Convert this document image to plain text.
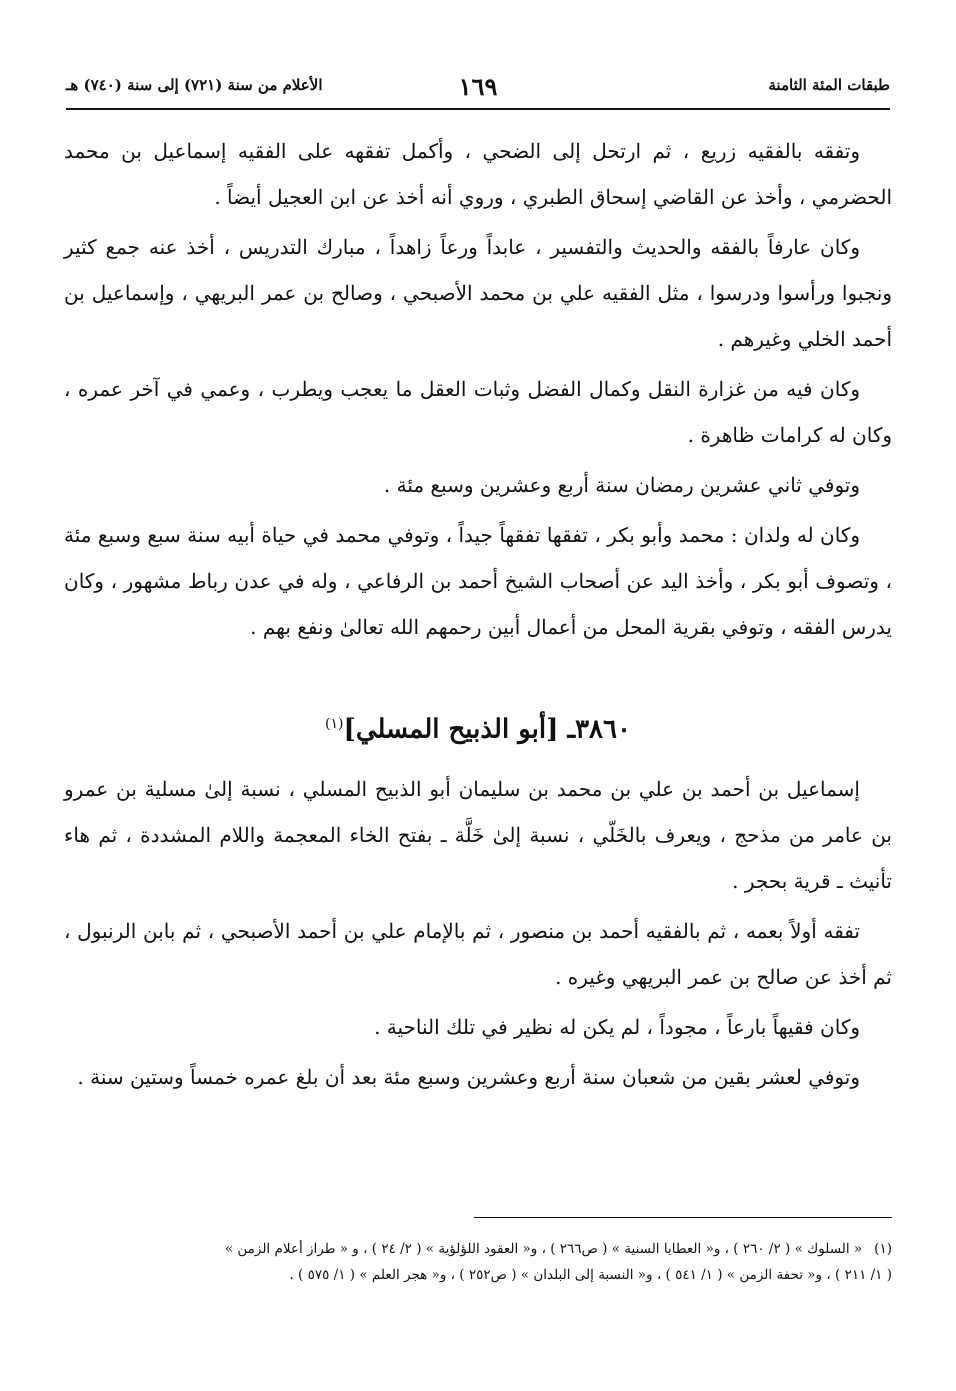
طبقات المئة الثامنة
١٦٩
الأعلام من سنة (٧٢١) إلى سنة (٧٤٠) هـ

وتفقه بالفقيه زريع ، ثم ارتحل إلى الضحي ، وأكمل تفقهه على الفقيه إسماعيل بن محمد الحضرمي ، وأخذ عن القاضي إسحاق الطبري ، وروي أنه أخذ عن ابن العجيل أيضاً .

وكان عارفاً بالفقه والحديث والتفسير ، عابداً ورعاً زاهداً ، مبارك التدريس ، أخذ عنه جمع كثير ونجبوا ورأسوا ودرسوا ، مثل الفقيه علي بن محمد الأصبحي ، وصالح بن عمر البريهي ، وإسماعيل بن أحمد الخلي وغيرهم .

وكان فيه من غزارة النقل وكمال الفضل وثبات العقل ما يعجب ويطرب ، وعمي في آخر عمره ، وكان له كرامات ظاهرة .

وتوفي ثاني عشرين رمضان سنة أربع وعشرين وسبع مئة .

وكان له ولدان : محمد وأبو بكر ، تفقها تفقهاً جيداً ، وتوفي محمد في حياة أبيه سنة سبع وسبع مئة ، وتصوف أبو بكر ، وأخذ اليد عن أصحاب الشيخ أحمد بن الرفاعي ، وله في عدن رباط مشهور ، وكان يدرس الفقه ، وتوفي بقرية المحل من أعمال أبين رحمهم الله تعالىٰ ونفع بهم .

٣٨٦٠ـ [أبو الذبيح المسلي]$^{(١)}$

إسماعيل بن أحمد بن علي بن محمد بن سليمان أبو الذبيح المسلي ، نسبة إلىٰ مسلية بن عمرو بن عامر من مذحج ، ويعرف بالخَلّي ، نسبة إلىٰ خَلَّة ـ بفتح الخاء المعجمة واللام المشددة ، ثم هاء تأنيث ـ قرية بحجر .

تفقه أولاً بعمه ، ثم بالفقيه أحمد بن منصور ، ثم بالإمام علي بن أحمد الأصبحي ، ثم بابن الرنبول ، ثم أخذ عن صالح بن عمر البريهي وغيره .

وكان فقيهاً بارعاً ، مجوداً ، لم يكن له نظير في تلك الناحية .

وتوفي لعشر بقين من شعبان سنة أربع وعشرين وسبع مئة بعد أن بلغ عمره خمساً وستين سنة .

(١)« السلوك » ( ٢/ ٢٦٠ ) ، و« العطايا السنية » ( ص٢٦٦ ) ، و« العقود اللؤلؤية » ( ٢/ ٢٤ ) ، و « طراز أعلام الزمن »

( ١/ ٢١١ ) ، و« تحفة الزمن » ( ١/ ٥٤١ ) ، و« النسبة إلى البلدان » ( ص٢٥٢ ) ، و« هجر العلم » ( ١/ ٥٧٥ ) .
